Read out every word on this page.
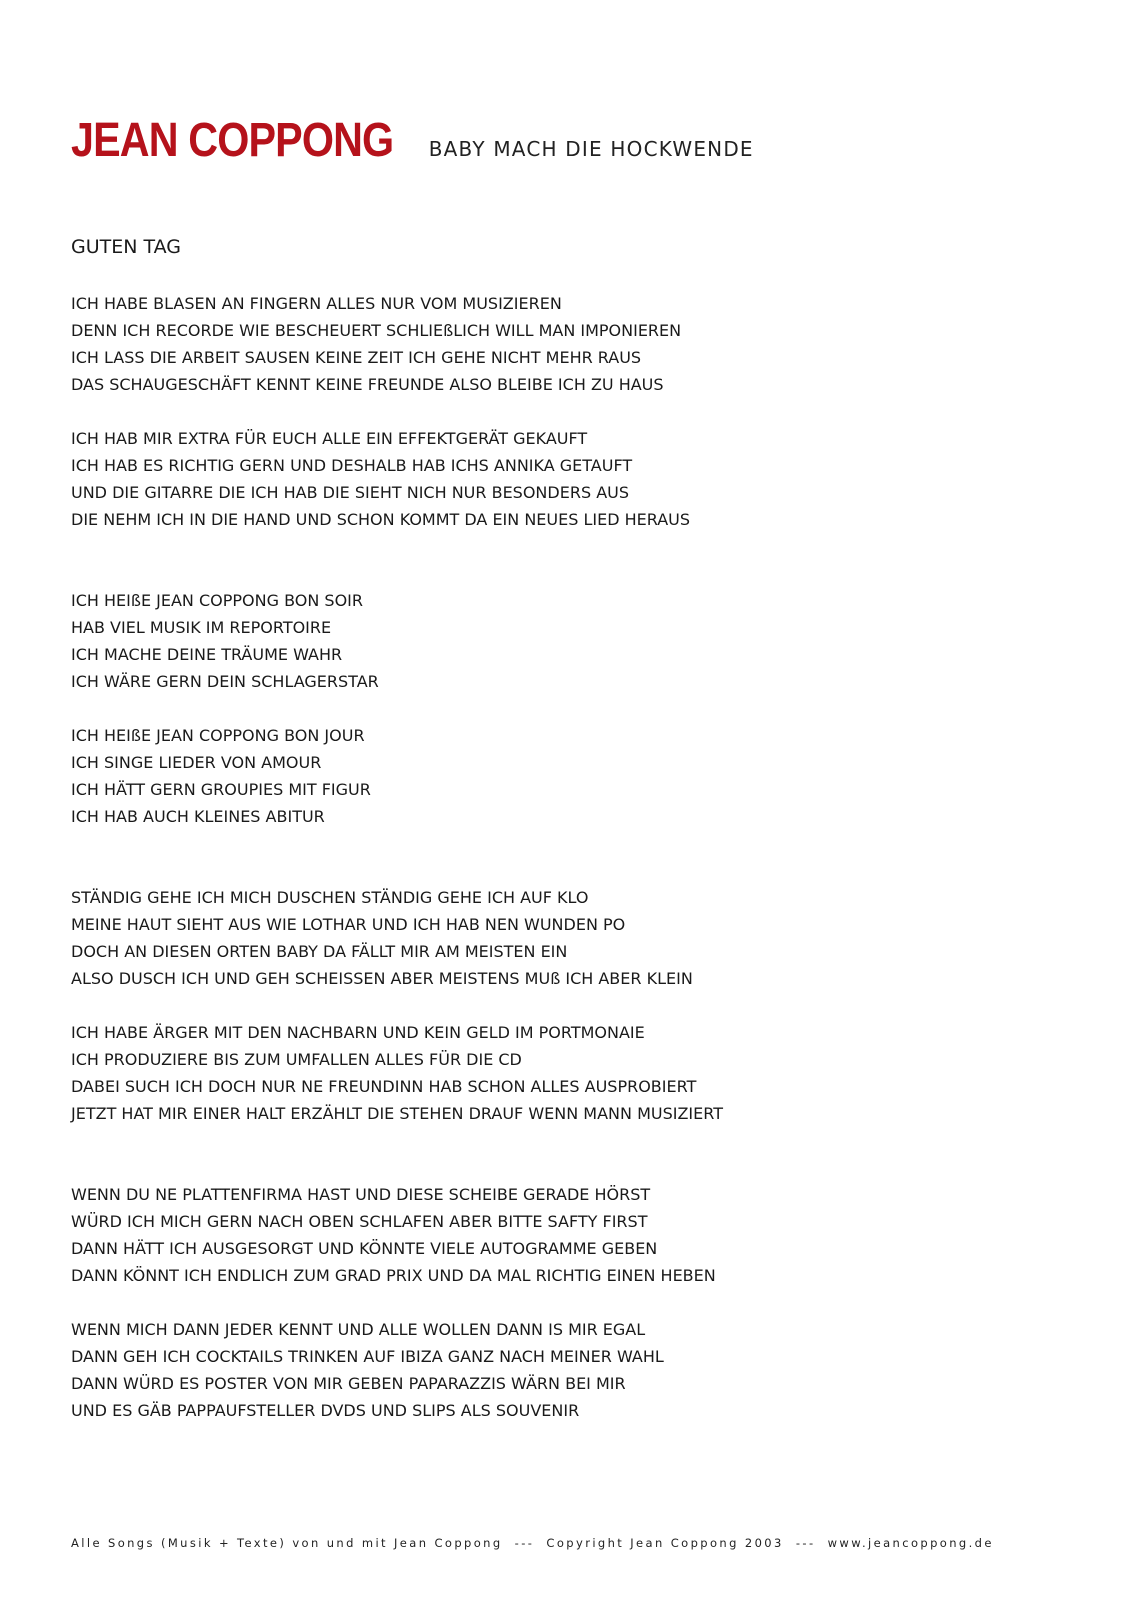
JEAN COPPONG BABY MACH DIE HOCKWENDE
GUTEN TAG
ICH HABE BLASEN AN FINGERN ALLES NUR VOM MUSIZIEREN
DENN ICH RECORDE WIE BESCHEUERT SCHLIEßLICH WILL MAN IMPONIEREN
ICH LASS DIE ARBEIT SAUSEN KEINE ZEIT ICH GEHE NICHT MEHR RAUS
DAS SCHAUGESCHÄFT KENNT KEINE FREUNDE ALSO BLEIBE ICH ZU HAUS
ICH HAB MIR EXTRA FÜR EUCH ALLE EIN EFFEKTGERÄT GEKAUFT
ICH HAB ES RICHTIG GERN UND DESHALB HAB ICHS ANNIKA GETAUFT
UND DIE GITARRE DIE ICH HAB DIE SIEHT NICH NUR BESONDERS AUS
DIE NEHM ICH IN DIE HAND UND SCHON KOMMT DA EIN NEUES LIED HERAUS
ICH HEIßE JEAN COPPONG BON SOIR
HAB VIEL MUSIK IM REPORTOIRE
ICH MACHE DEINE TRÄUME WAHR
ICH WÄRE GERN DEIN SCHLAGERSTAR
ICH HEIßE JEAN COPPONG BON JOUR
ICH SINGE LIEDER VON AMOUR
ICH HÄTT GERN GROUPIES MIT FIGUR
ICH HAB AUCH KLEINES ABITUR
STÄNDIG GEHE ICH MICH DUSCHEN STÄNDIG GEHE ICH AUF KLO
MEINE HAUT SIEHT AUS WIE LOTHAR UND ICH HAB NEN WUNDEN PO
DOCH AN DIESEN ORTEN BABY DA FÄLLT MIR AM MEISTEN EIN
ALSO DUSCH ICH UND GEH SCHEISSEN ABER MEISTENS MUß ICH ABER KLEIN
ICH HABE ÄRGER MIT DEN NACHBARN UND KEIN GELD IM PORTMONAIE
ICH PRODUZIERE BIS ZUM UMFALLEN ALLES FÜR DIE CD
DABEI SUCH ICH DOCH NUR NE FREUNDINN HAB SCHON ALLES AUSPROBIERT
JETZT HAT MIR EINER HALT ERZÄHLT DIE STEHEN DRAUF WENN MANN MUSIZIERT
WENN DU NE PLATTENFIRMA HAST UND DIESE SCHEIBE GERADE HÖRST
WÜRD ICH MICH GERN NACH OBEN SCHLAFEN ABER BITTE SAFTY FIRST
DANN HÄTT ICH AUSGESORGT UND KÖNNTE VIELE AUTOGRAMME GEBEN
DANN KÖNNT ICH ENDLICH ZUM GRAD PRIX UND DA MAL RICHTIG EINEN HEBEN
WENN MICH DANN JEDER KENNT UND ALLE WOLLEN DANN IS MIR EGAL
DANN GEH ICH COCKTAILS TRINKEN AUF IBIZA GANZ NACH MEINER WAHL
DANN WÜRD ES POSTER VON MIR GEBEN PAPARAZZIS WÄRN BEI MIR
UND ES GÄB PAPPAUFSTELLER DVDS UND SLIPS ALS SOUVENIR
Alle Songs (Musik + Texte) von und mit Jean Coppong  ---  Copyright Jean Coppong 2003  ---  www.jeancoppong.de
